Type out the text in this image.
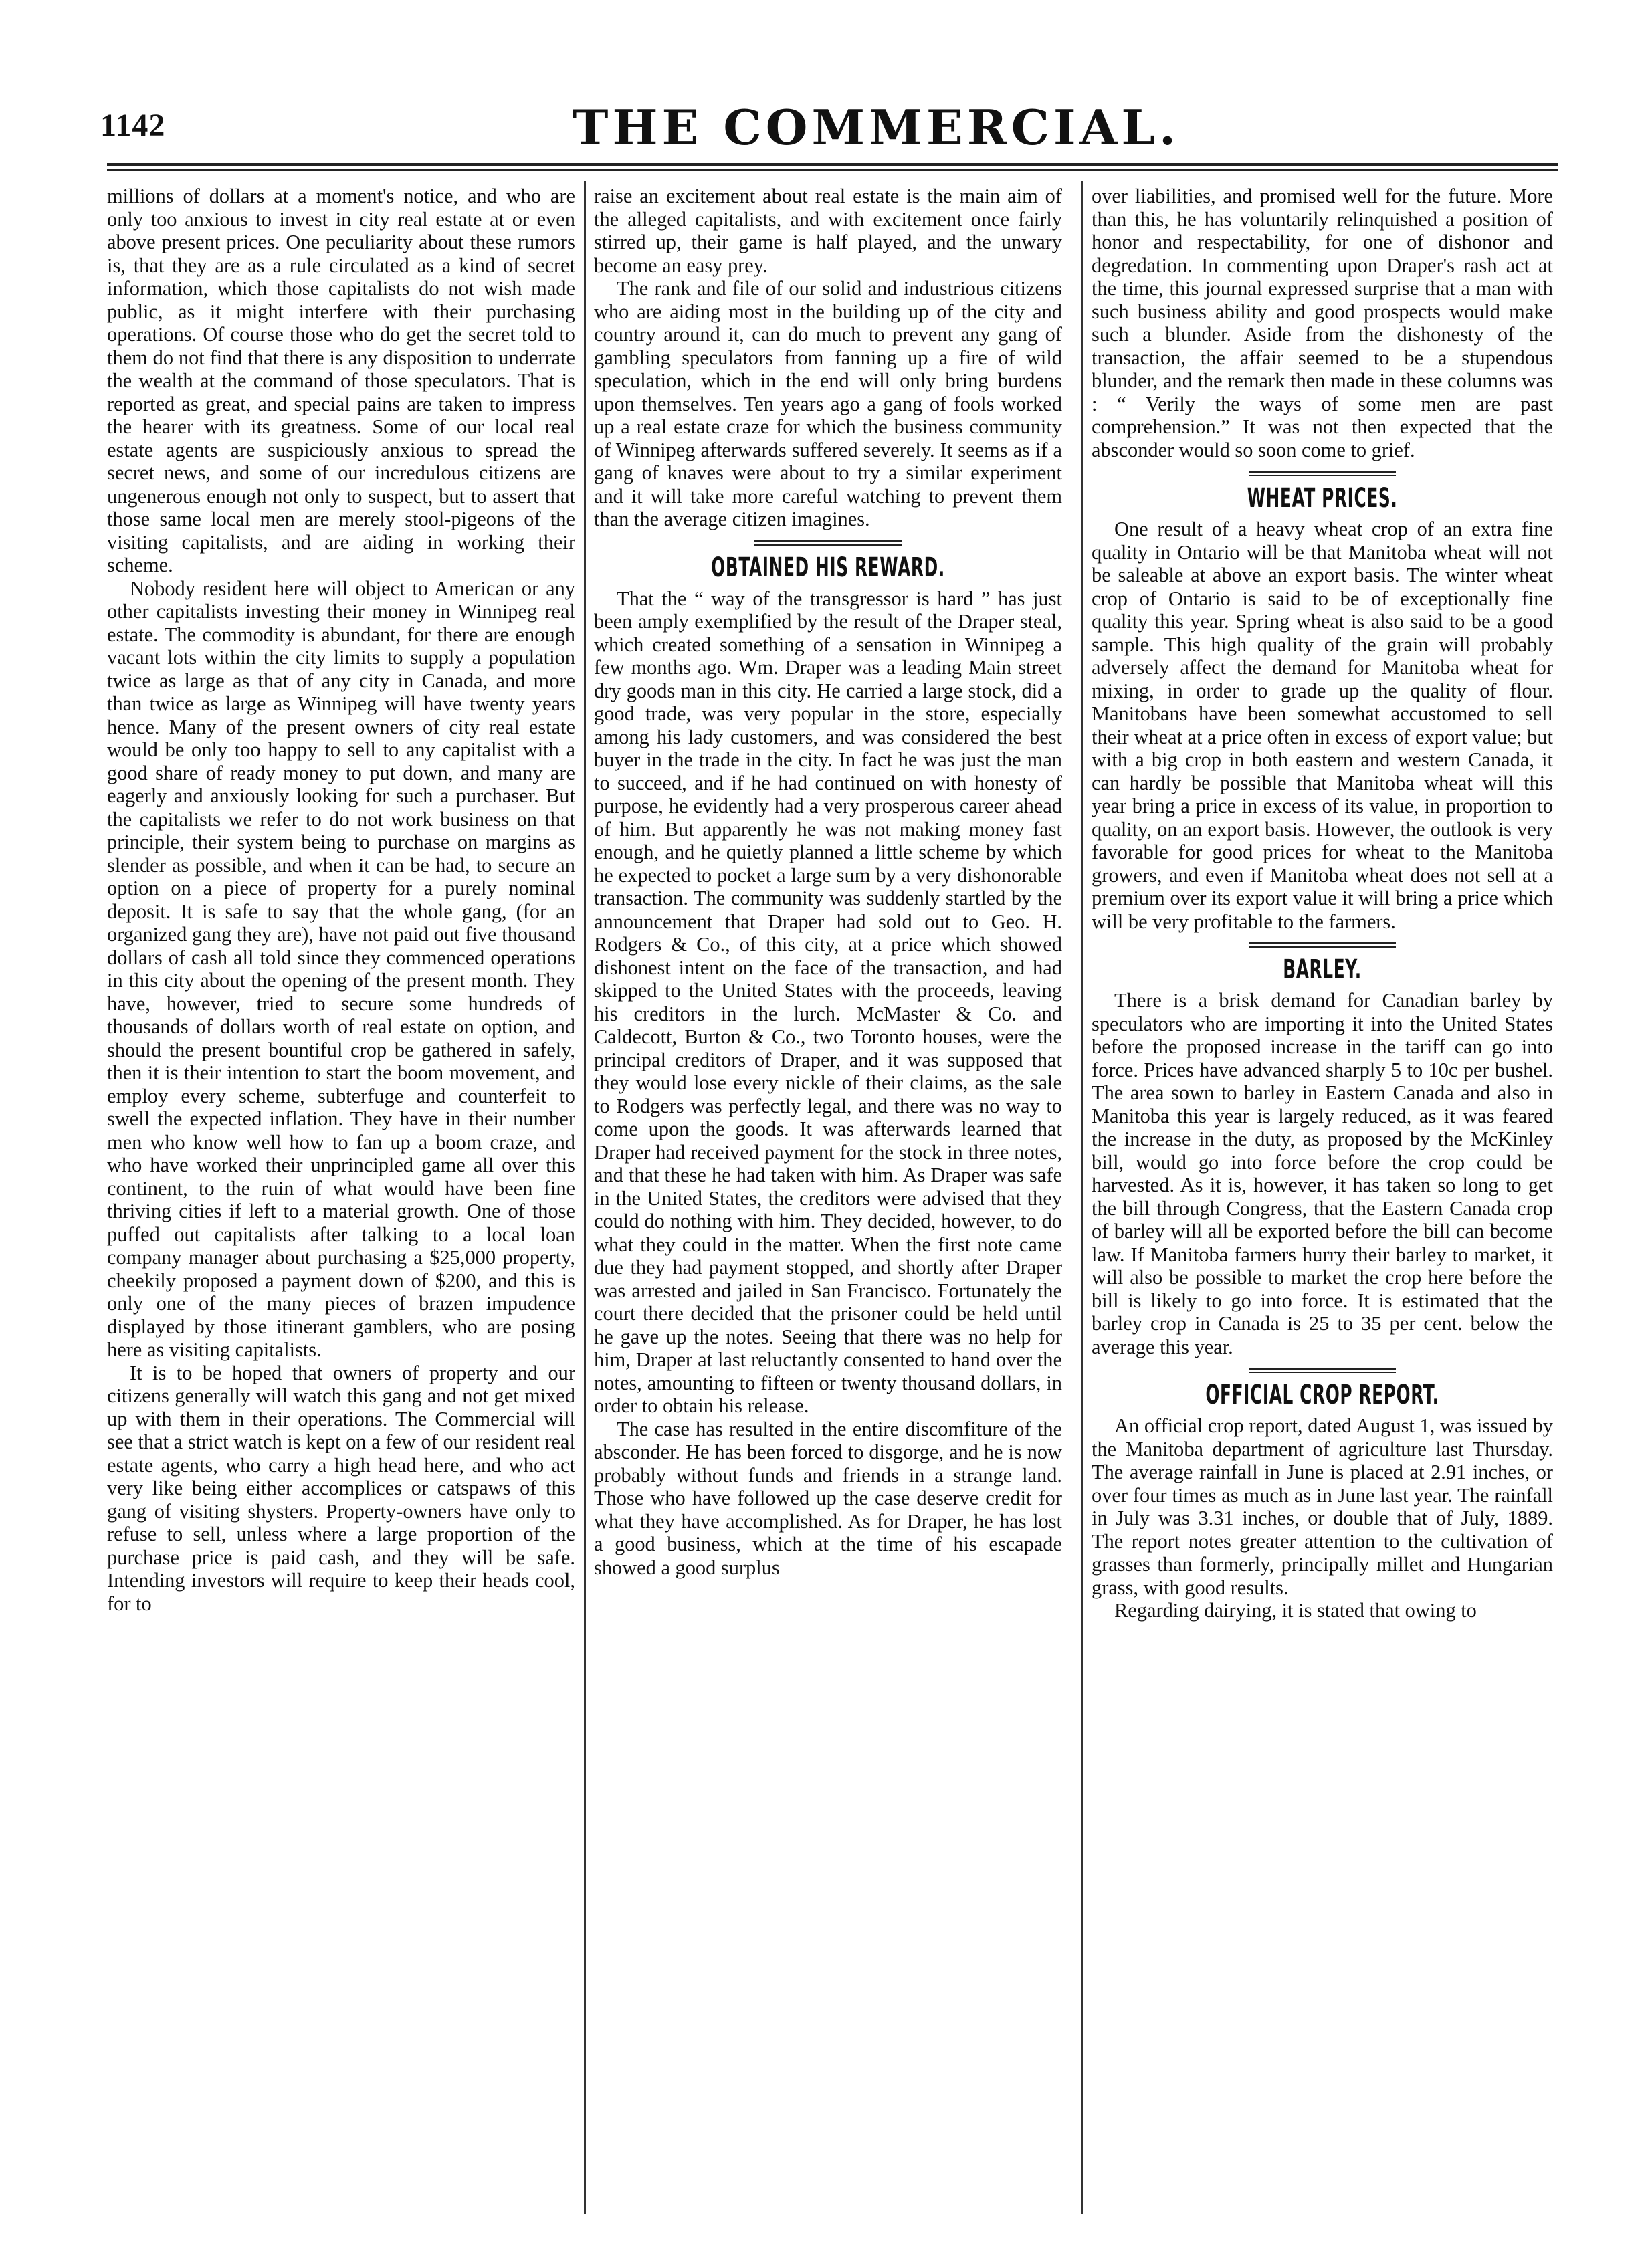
1142	THE COMMERCIAL.

millions of dollars at a moment's notice, and who are only too anxious to invest in city real estate at or even above present prices. One peculiarity about these rumors is, that they are as a rule circulated as a kind of secret information, which those capitalists do not wish made public, as it might interfere with their purchasing operations. Of course those who do get the secret told to them do not find that there is any disposition to underrate the wealth at the command of those speculators. That is reported as great, and special pains are taken to impress the hearer with its greatness. Some of our local real estate agents are suspiciously anxious to spread the secret news, and some of our incredulous citizens are ungenerous enough not only to suspect, but to assert that those same local men are merely stool-pigeons of the visiting capitalists, and are aiding in working their scheme.

Nobody resident here will object to American or any other capitalists investing their money in Winnipeg real estate. The commodity is abundant, for there are enough vacant lots within the city limits to supply a population twice as large as that of any city in Canada, and more than twice as large as Winnipeg will have twenty years hence. Many of the present owners of city real estate would be only too happy to sell to any capitalist with a good share of ready money to put down, and many are eagerly and anxiously looking for such a purchaser. But the capitalists we refer to do not work business on that principle, their system being to purchase on margins as slender as possible, and when it can be had, to secure an option on a piece of property for a purely nominal deposit. It is safe to say that the whole gang, (for an organized gang they are), have not paid out five thousand dollars of cash all told since they commenced operations in this city about the opening of the present month. They have, however, tried to secure some hundreds of thousands of dollars worth of real estate on option, and should the present bountiful crop be gathered in safely, then it is their intention to start the boom movement, and employ every scheme, subterfuge and counterfeit to swell the expected inflation. They have in their number men who know well how to fan up a boom craze, and who have worked their unprincipled game all over this continent, to the ruin of what would have been fine thriving cities if left to a material growth. One of those puffed out capitalists after talking to a local loan company manager about purchasing a $25,000 property, cheekily proposed a payment down of $200, and this is only one of the many pieces of brazen impudence displayed by those itinerant gamblers, who are posing here as visiting capitalists.

It is to be hoped that owners of property and our citizens generally will watch this gang and not get mixed up with them in their operations. The Commercial will see that a strict watch is kept on a few of our resident real estate agents, who carry a high head here, and who act very like being either accomplices or catspaws of this gang of visiting shysters. Property-owners have only to refuse to sell, unless where a large proportion of the purchase price is paid cash, and they will be safe. Intending investors will require to keep their heads cool, for to

raise an excitement about real estate is the main aim of the alleged capitalists, and with excitement once fairly stirred up, their game is half played, and the unwary become an easy prey.

The rank and file of our solid and industrious citizens who are aiding most in the building up of the city and country around it, can do much to prevent any gang of gambling speculators from fanning up a fire of wild speculation, which in the end will only bring burdens upon themselves. Ten years ago a gang of fools worked up a real estate craze for which the business community of Winnipeg afterwards suffered severely. It seems as if a gang of knaves were about to try a similar experiment and it will take more careful watching to prevent them than the average citizen imagines.

OBTAINED HIS REWARD.

That the “ way of the transgressor is hard ” has just been amply exemplified by the result of the Draper steal, which created something of a sensation in Winnipeg a few months ago. Wm. Draper was a leading Main street dry goods man in this city. He carried a large stock, did a good trade, was very popular in the store, especially among his lady customers, and was considered the best buyer in the trade in the city. In fact he was just the man to succeed, and if he had continued on with honesty of purpose, he evidently had a very prosperous career ahead of him. But apparently he was not making money fast enough, and he quietly planned a little scheme by which he expected to pocket a large sum by a very dishonorable transaction. The community was suddenly startled by the announcement that Draper had sold out to Geo. H. Rodgers & Co., of this city, at a price which showed dishonest intent on the face of the transaction, and had skipped to the United States with the proceeds, leaving his creditors in the lurch. McMaster & Co. and Caldecott, Burton & Co., two Toronto houses, were the principal creditors of Draper, and it was supposed that they would lose every nickle of their claims, as the sale to Rodgers was perfectly legal, and there was no way to come upon the goods. It was afterwards learned that Draper had received payment for the stock in three notes, and that these he had taken with him. As Draper was safe in the United States, the creditors were advised that they could do nothing with him. They decided, however, to do what they could in the matter. When the first note came due they had payment stopped, and shortly after Draper was arrested and jailed in San Francisco. Fortunately the court there decided that the prisoner could be held until he gave up the notes. Seeing that there was no help for him, Draper at last reluctantly consented to hand over the notes, amounting to fifteen or twenty thousand dollars, in order to obtain his release.

The case has resulted in the entire discomfiture of the absconder. He has been forced to disgorge, and he is now probably without funds and friends in a strange land. Those who have followed up the case deserve credit for what they have accomplished. As for Draper, he has lost a good business, which at the time of his escapade showed a good surplus

over liabilities, and promised well for the future. More than this, he has voluntarily relinquished a position of honor and respectability, for one of dishonor and degredation. In commenting upon Draper's rash act at the time, this journal expressed surprise that a man with such business ability and good prospects would make such a blunder. Aside from the dishonesty of the transaction, the affair seemed to be a stupendous blunder, and the remark then made in these columns was : “ Verily the ways of some men are past comprehension.” It was not then expected that the absconder would so soon come to grief.

WHEAT PRICES.

One result of a heavy wheat crop of an extra fine quality in Ontario will be that Manitoba wheat will not be saleable at above an export basis. The winter wheat crop of Ontario is said to be of exceptionally fine quality this year. Spring wheat is also said to be a good sample. This high quality of the grain will probably adversely affect the demand for Manitoba wheat for mixing, in order to grade up the quality of flour. Manitobans have been somewhat accustomed to sell their wheat at a price often in excess of export value; but with a big crop in both eastern and western Canada, it can hardly be possible that Manitoba wheat will this year bring a price in excess of its value, in proportion to quality, on an export basis. However, the outlook is very favorable for good prices for wheat to the Manitoba growers, and even if Manitoba wheat does not sell at a premium over its export value it will bring a price which will be very profitable to the farmers.

BARLEY.

There is a brisk demand for Canadian barley by speculators who are importing it into the United States before the proposed increase in the tariff can go into force. Prices have advanced sharply 5 to 10c per bushel. The area sown to barley in Eastern Canada and also in Manitoba this year is largely reduced, as it was feared the increase in the duty, as proposed by the McKinley bill, would go into force before the crop could be harvested. As it is, however, it has taken so long to get the bill through Congress, that the Eastern Canada crop of barley will all be exported before the bill can become law. If Manitoba farmers hurry their barley to market, it will also be possible to market the crop here before the bill is likely to go into force. It is estimated that the barley crop in Canada is 25 to 35 per cent. below the average this year.

OFFICIAL CROP REPORT.

An official crop report, dated August 1, was issued by the Manitoba department of agriculture last Thursday. The average rainfall in June is placed at 2.91 inches, or over four times as much as in June last year. The rainfall in July was 3.31 inches, or double that of July, 1889. The report notes greater attention to the cultivation of grasses than formerly, principally millet and Hungarian grass, with good results.

Regarding dairying, it is stated that owing to
